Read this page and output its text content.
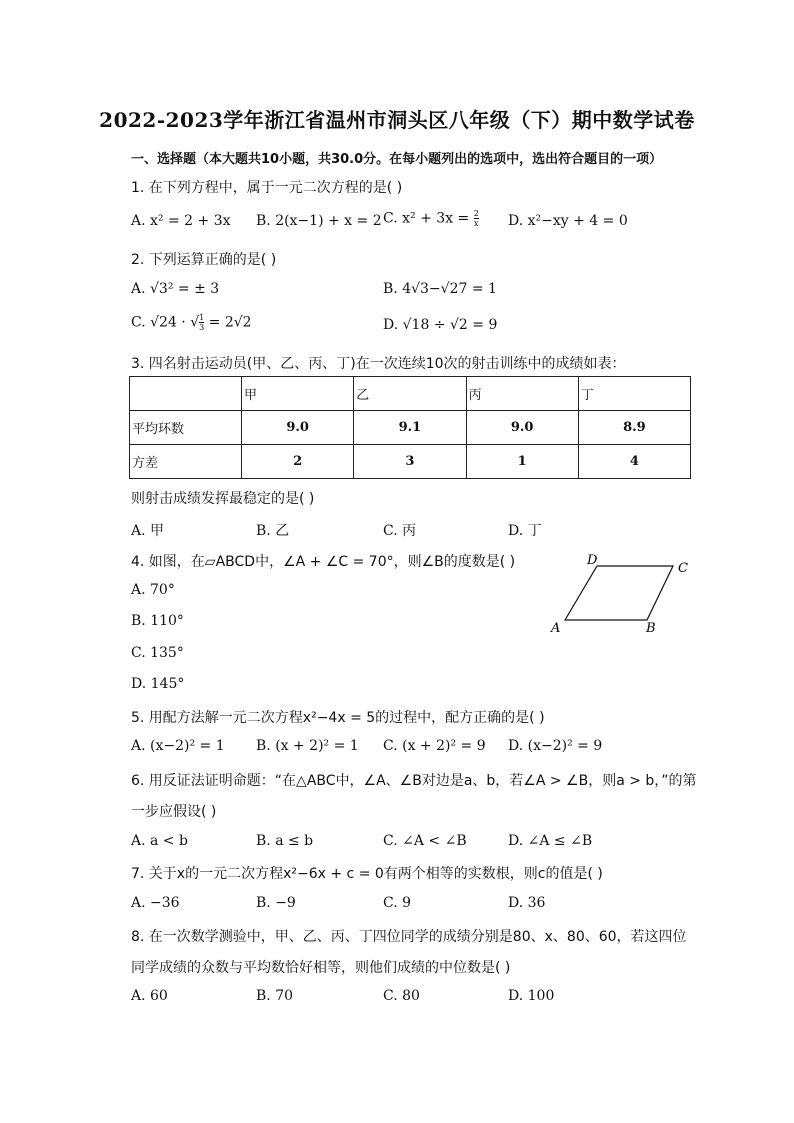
2022-2023学年浙江省温州市洞头区八年级（下）期中数学试卷
一、选择题（本大题共10小题，共30.0分。在每小题列出的选项中，选出符合题目的一项）
1. 在下列方程中，属于一元二次方程的是( )
A. x² = 2 + 3x B. 2(x−1) + x = 2 C. $x^2 + 3x = \frac{2}{x} D$. x²−xy + 4 = 0
2. 下列运算正确的是( )
A. √3² = ± 3	B. 4√3−√27 = 1
C. √24 · √ $\frac{1}{3} = 2√2$	D. √18 ÷ √2 = 9
3. 四名射击运动员(甲、乙、丙、丁)在一次连续10次的射击训练中的成绩如表：
	甲	乙	丙	丁
平均环数	9.0	9.1	9.0	8.9
方差	2	3	1	4
则射击成绩发挥最稳定的是( )
A. 甲	B. 乙	C. 丙	D. 丁
4. 如图，在▱ABCD中，∠A + ∠C = 70°，则∠B的度数是( )
A. 70°
B. 110°
C. 135°
D. 145°
D
C
A	B
5. 用配方法解一元二次方程x²−4x = 5的过程中，配方正确的是( )
A. (x−2)² = 1 B. (x + 2)² = 1 C. (x + 2)² = 9 D. (x−2)² = 9
6. 用反证法证明命题：“在△ABC中，∠A、∠B对边是a、b，若∠A > ∠B，则a > b，”的第
一步应假设( )
A. a < b	B. a ≤ b	C. ∠A < ∠B	D. ∠A ≤ ∠B
7. 关于x的一元二次方程x²−6x + c = 0有两个相等的实数根，则c的值是( )
A. −36	B. −9	C. 9	D. 36
8. 在一次数学测验中，甲、乙、丙、丁四位同学的成绩分别是80、x、80、60，若这四位
同学成绩的众数与平均数恰好相等，则他们成绩的中位数是( )
A. 60	B. 70	C. 80	D. 100
